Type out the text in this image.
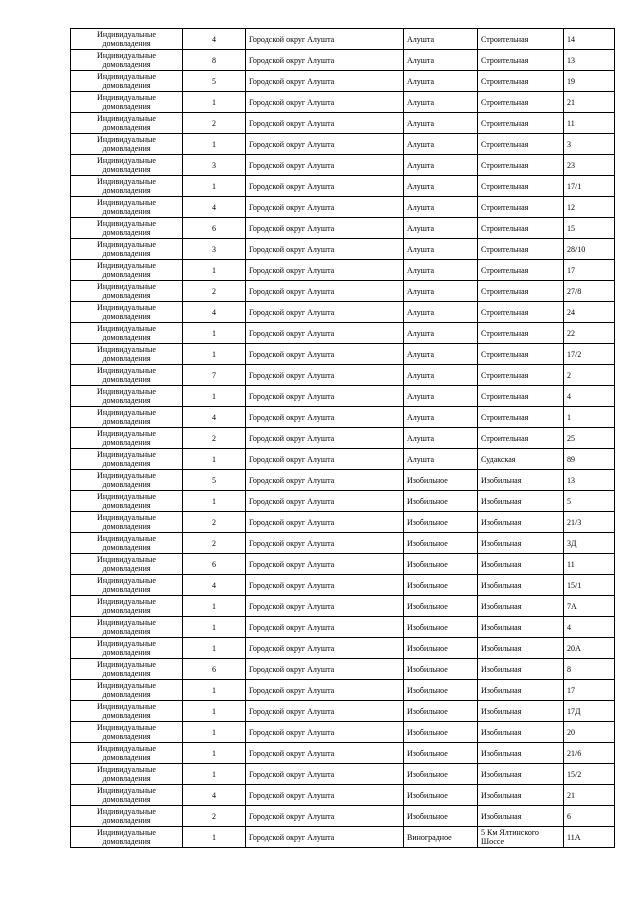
Индивидуальные домовладения	4	Городской округ Алушта	Алушта	Строительная	14
Индивидуальные домовладения	8	Городской округ Алушта	Алушта	Строительная	13
Индивидуальные домовладения	5	Городской округ Алушта	Алушта	Строительная	19
Индивидуальные домовладения	1	Городской округ Алушта	Алушта	Строительная	21
Индивидуальные домовладения	2	Городской округ Алушта	Алушта	Строительная	11
Индивидуальные домовладения	1	Городской округ Алушта	Алушта	Строительная	3
Индивидуальные домовладения	3	Городской округ Алушта	Алушта	Строительная	23
Индивидуальные домовладения	1	Городской округ Алушта	Алушта	Строительная	17/1
Индивидуальные домовладения	4	Городской округ Алушта	Алушта	Строительная	12
Индивидуальные домовладения	6	Городской округ Алушта	Алушта	Строительная	15
Индивидуальные домовладения	3	Городской округ Алушта	Алушта	Строительная	28/10
Индивидуальные домовладения	1	Городской округ Алушта	Алушта	Строительная	17
Индивидуальные домовладения	2	Городской округ Алушта	Алушта	Строительная	27/8
Индивидуальные домовладения	4	Городской округ Алушта	Алушта	Строительная	24
Индивидуальные домовладения	1	Городской округ Алушта	Алушта	Строительная	22
Индивидуальные домовладения	1	Городской округ Алушта	Алушта	Строительная	17/2
Индивидуальные домовладения	7	Городской округ Алушта	Алушта	Строительная	2
Индивидуальные домовладения	1	Городской округ Алушта	Алушта	Строительная	4
Индивидуальные домовладения	4	Городской округ Алушта	Алушта	Строительная	1
Индивидуальные домовладения	2	Городской округ Алушта	Алушта	Строительная	25
Индивидуальные домовладения	1	Городской округ Алушта	Алушта	Судакская	89
Индивидуальные домовладения	5	Городской округ Алушта	Изобильное	Изобильная	13
Индивидуальные домовладения	1	Городской округ Алушта	Изобильное	Изобильная	5
Индивидуальные домовладения	2	Городской округ Алушта	Изобильное	Изобильная	21/3
Индивидуальные домовладения	2	Городской округ Алушта	Изобильное	Изобильная	3Д
Индивидуальные домовладения	6	Городской округ Алушта	Изобильное	Изобильная	11
Индивидуальные домовладения	4	Городской округ Алушта	Изобильное	Изобильная	15/1
Индивидуальные домовладения	1	Городской округ Алушта	Изобильное	Изобильная	7А
Индивидуальные домовладения	1	Городской округ Алушта	Изобильное	Изобильная	4
Индивидуальные домовладения	1	Городской округ Алушта	Изобильное	Изобильная	20А
Индивидуальные домовладения	6	Городской округ Алушта	Изобильное	Изобильная	8
Индивидуальные домовладения	1	Городской округ Алушта	Изобильное	Изобильная	17
Индивидуальные домовладения	1	Городской округ Алушта	Изобильное	Изобильная	17Д
Индивидуальные домовладения	1	Городской округ Алушта	Изобильное	Изобильная	20
Индивидуальные домовладения	1	Городской округ Алушта	Изобильное	Изобильная	21/6
Индивидуальные домовладения	1	Городской округ Алушта	Изобильное	Изобильная	15/2
Индивидуальные домовладения	4	Городской округ Алушта	Изобильное	Изобильная	21
Индивидуальные домовладения	2	Городской округ Алушта	Изобильное	Изобильная	6
Индивидуальные домовладения	1	Городской округ Алушта	Виноградное	5 Км Ялтинского Шоссе	11А
